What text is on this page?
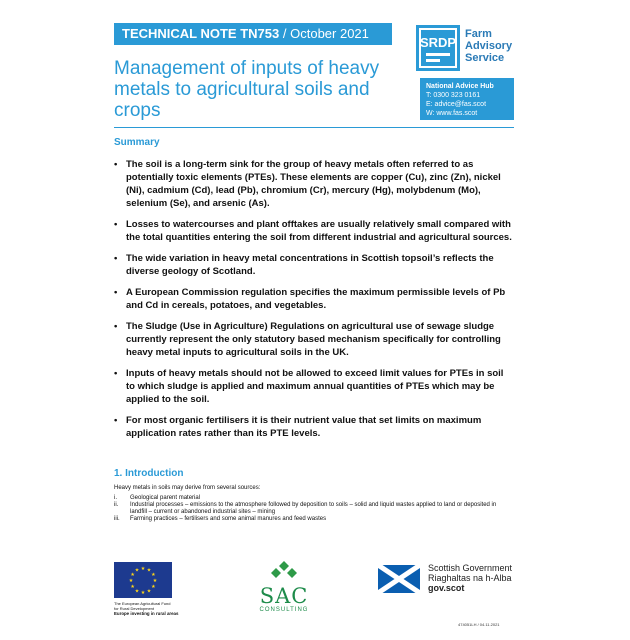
TECHNICAL NOTE TN753 / October 2021
Management of inputs of heavy metals to agricultural soils and crops
SRDP
Farm
Advisory
Service
National Advice Hub
T: 0300 323 0161
E: advice@fas.scot
W: www.fas.scot
Summary
• The soil is a long-term sink for the group of heavy metals often referred to as potentially toxic elements (PTEs). These elements are copper (Cu), zinc (Zn), nickel (Ni), cadmium (Cd), lead (Pb), chromium (Cr), mercury (Hg), molybdenum (Mo), selenium (Se), and arsenic (As).
• Losses to watercourses and plant offtakes are usually relatively small compared with the total quantities entering the soil from different industrial and agricultural sources.
• The wide variation in heavy metal concentrations in Scottish topsoil’s reflects the diverse geology of Scotland.
• A European Commission regulation specifies the maximum permissible levels of Pb and Cd in cereals, potatoes, and vegetables.
• The Sludge (Use in Agriculture) Regulations on agricultural use of sewage sludge currently represent the only statutory based mechanism specifically for controlling heavy metal inputs to agricultural soils in the UK.
• Inputs of heavy metals should not be allowed to exceed limit values for PTEs in soil to which sludge is applied and maximum annual quantities of PTEs which may be applied to the soil.
• For most organic fertilisers it is their nutrient value that set limits on maximum application rates rather than its PTE levels.
1. Introduction

Heavy metals in soils may derive from several sources:

i. Geological parent material
ii. Industrial processes – emissions to the atmosphere followed by deposition to soils – solid and liquid wastes applied to land or deposited in landfill – current or abandoned industrial sites – mining
iii. Farming practices – fertilisers and some animal manures and feed wastes
★ ★
★
★
★
★
★
★
★
★
★
★
The European Agricultural Fund
for Rural Development
Europe investing in rural areas
SAC
CONSULTING
Scottish Government
Riaghaltas na h-Alba
gov.scot
474051LH / 04.11.2021
